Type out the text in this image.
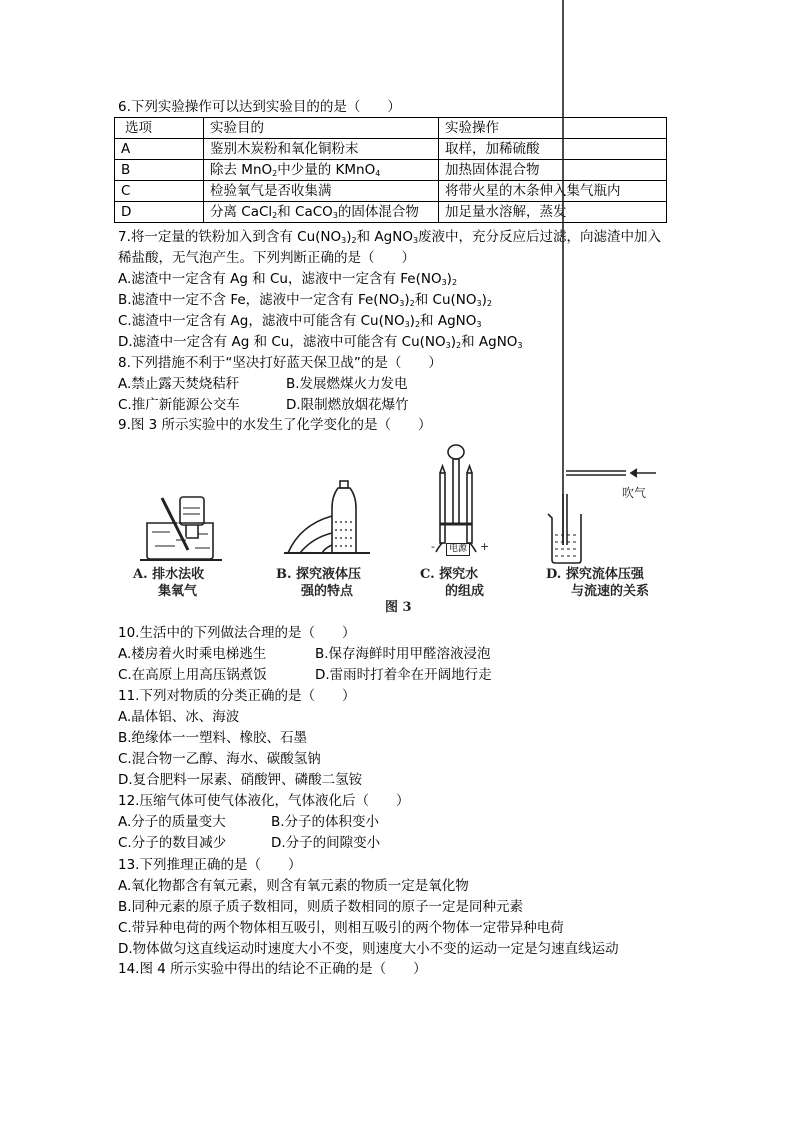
6.下列实验操作可以达到实验目的的是（　　）
选项	实验目的	实验操作
A	鉴别木炭粉和氧化铜粉末	取样，加稀硫酸
B	除去 MnO$_2$中少量的 KMnO$_4$	加热固体混合物
C	检验氧气是否收集满	将带火星的木条伸入集气瓶内
D	分离 CaCl$_2$和 CaCO$_3$的固体混合物	加足量水溶解，蒸发
7.将一定量的铁粉加入到含有 $Cu(NO_3)_2$和 AgNO$_3$废液中，充分反应后过滤，向滤渣中加入
稀盐酸，无气泡产生。下列判断正确的是（　　）
A.滤渣中一定含有 Ag 和 Cu，滤液中一定含有 $Fe(NO_3)_2$
B.滤渣中一定不含 Fe，滤液中一定含有 $Fe(NO_3)_2$和 $Cu(NO_3)_2$
C.滤渣中一定含有 Ag，滤液中可能含有 $Cu(NO_3)_2$和 AgNO$_3$
D.滤渣中一定含有 Ag 和 Cu，滤液中可能含有 $Cu(NO_3)_2$和 AgNO$_3$
8.下列措施不利于“坚决打好蓝天保卫战”的是（　　）
A.禁止露天焚烧秸秆	B.发展燃煤火力发电
C.推广新能源公交车	D.限制燃放烟花爆竹
9.图 3 所示实验中的水发生了化学变化的是（　　）
电源
-	+
吹气
A. 排水法收
集氧气
B. 探究液体压
强的特点
C. 探究水
的组成
D. 探究流体压强
与流速的关系
图 3
10.生活中的下列做法合理的是（　　）
A.楼房着火时乘电梯逃生	B.保存海鲜时用甲醛溶液浸泡
C.在高原上用高压锅煮饭	D.雷雨时打着伞在开阔地行走
11.下列对物质的分类正确的是（　　）
A.晶体铝、冰、海波
B.绝缘体一一塑料、橡胶、石墨
C.混合物一乙醇、海水、碳酸氢钠
D.复合肥料一尿素、硝酸钾、磷酸二氢铵
12.压缩气体可使气体液化，气体液化后（　　）
A.分子的质量变大	B.分子的体积变小
C.分子的数目减少	D.分子的间隙变小
13.下列推理正确的是（　　）
A.氧化物都含有氧元素，则含有氧元素的物质一定是氧化物
B.同种元素的原子质子数相同，则质子数相同的原子一定是同种元素
C.带异种电荷的两个物体相互吸引，则相互吸引的两个物体一定带异种电荷
D.物体做匀这直线运动时速度大小不变，则速度大小不变的运动一定是匀速直线运动
14.图 4 所示实验中得出的结论不正确的是（　　）
